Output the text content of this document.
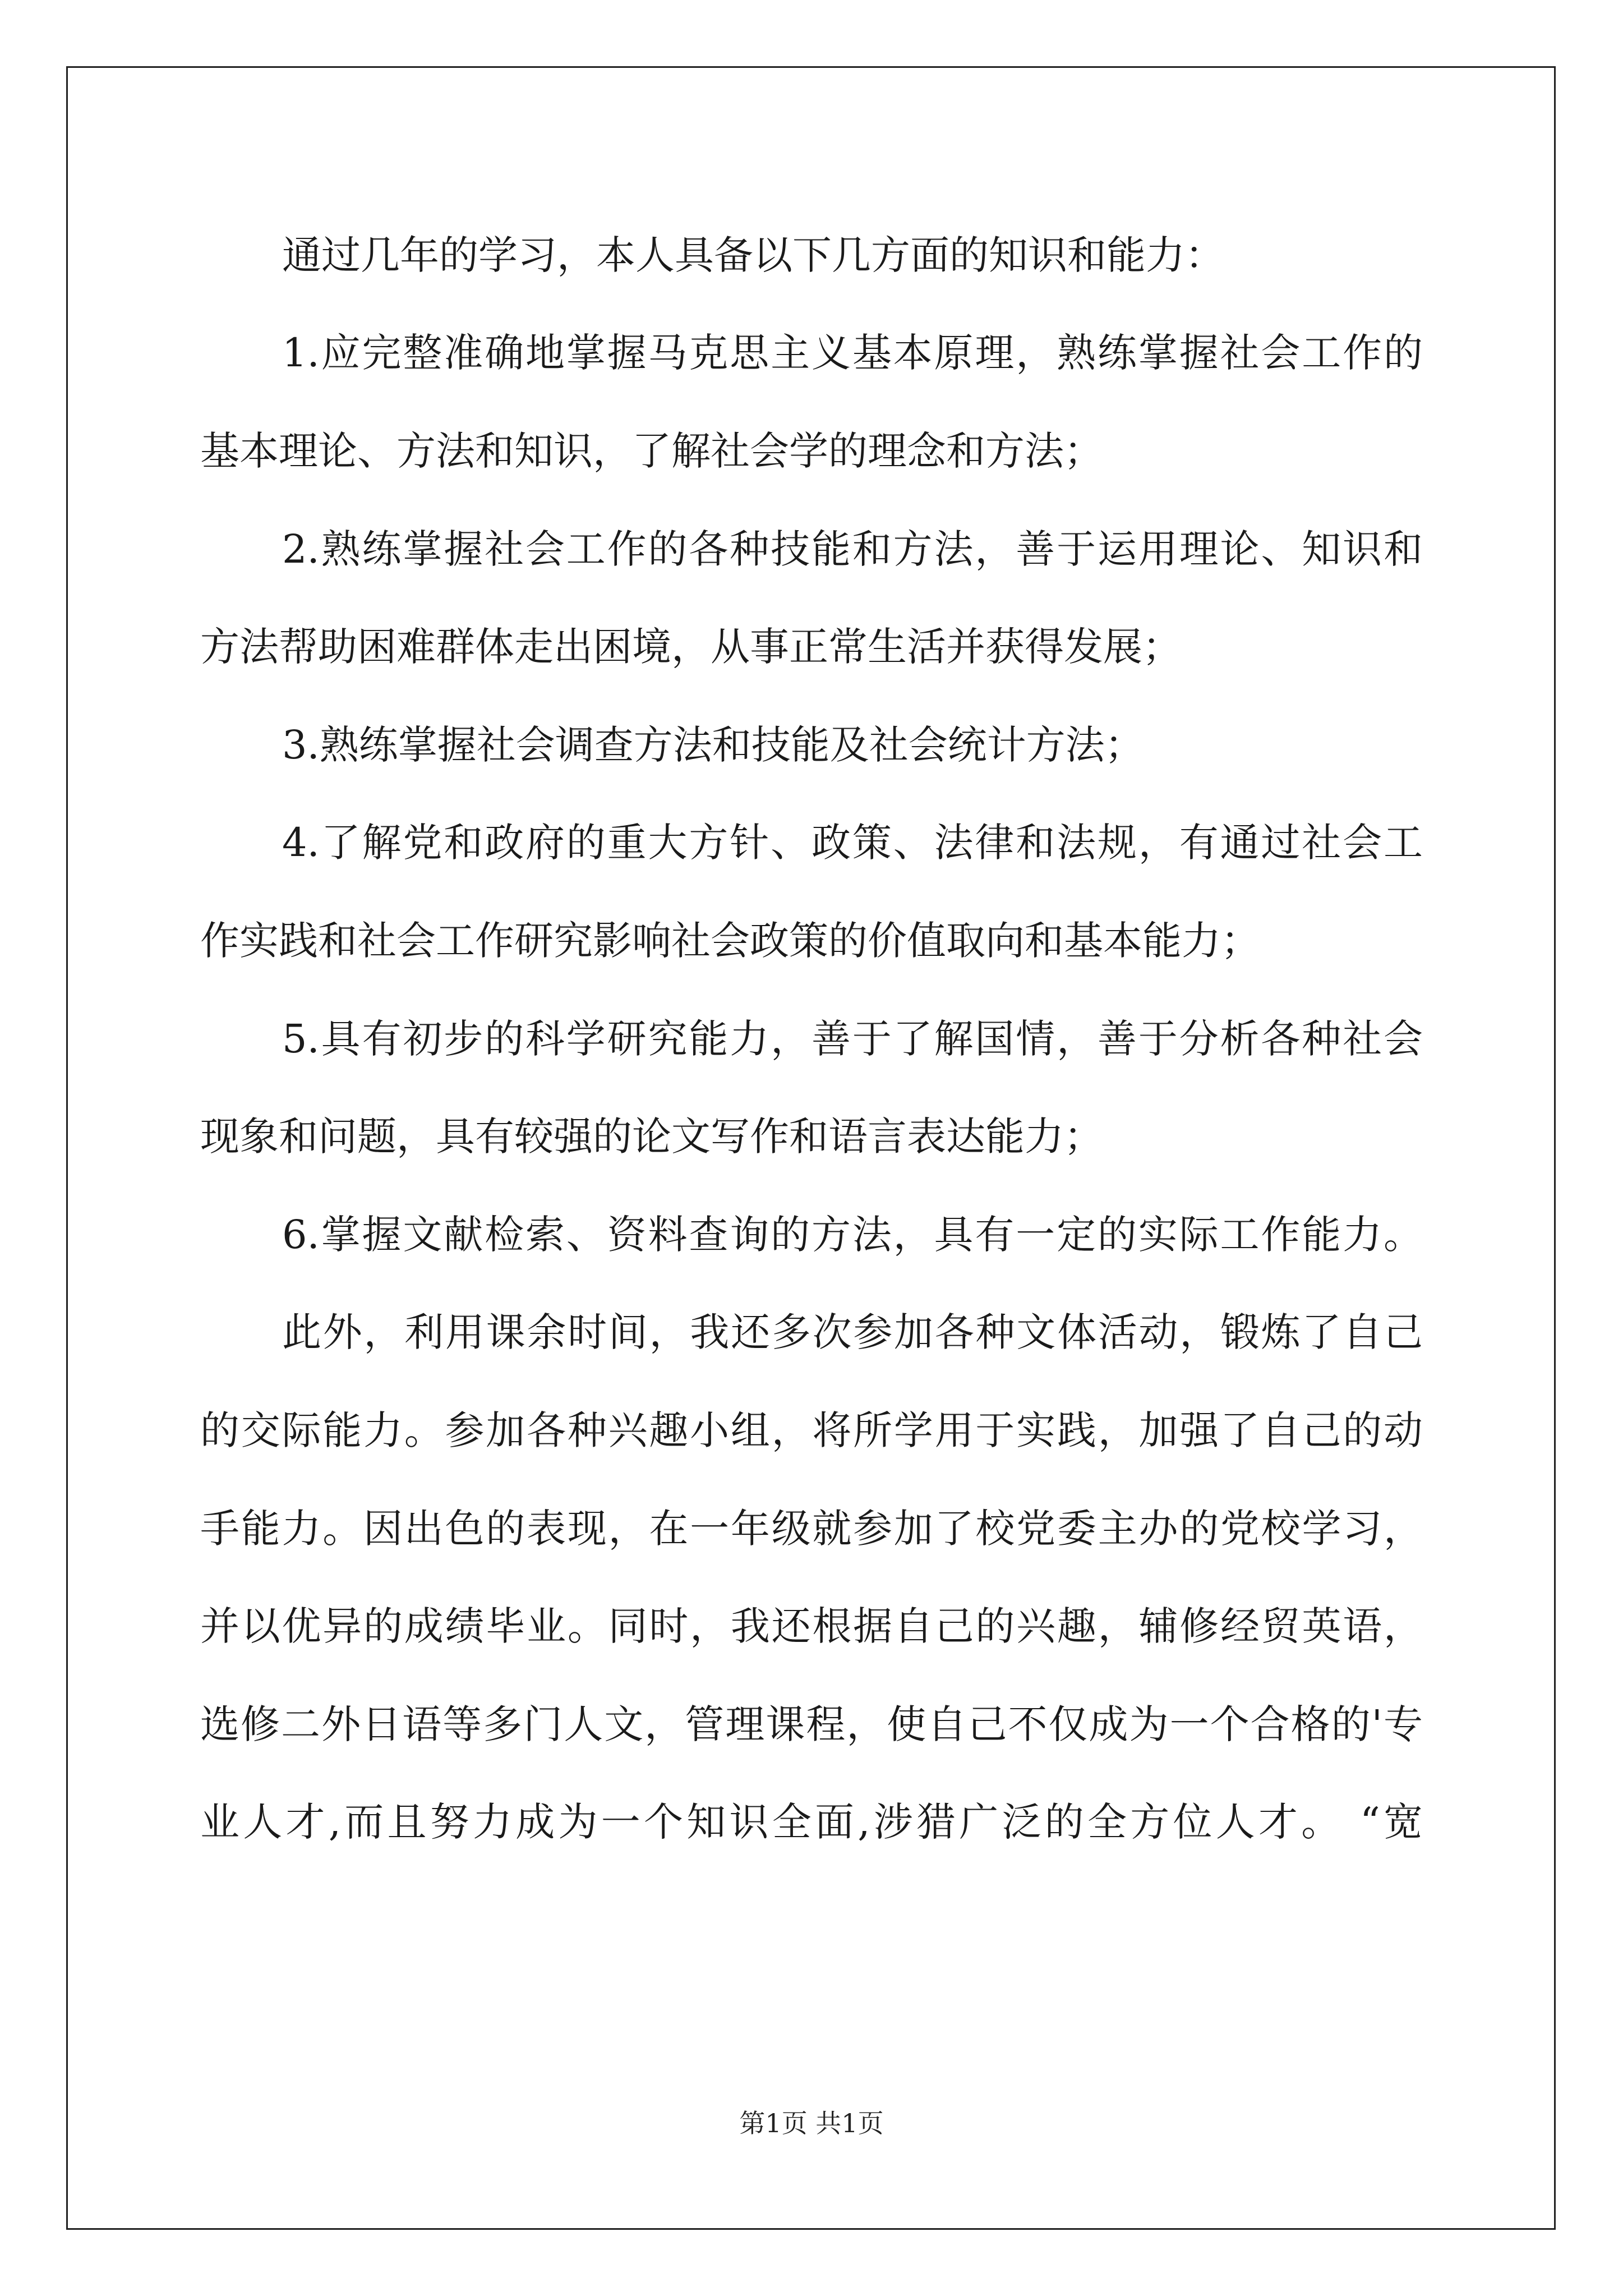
通过几年的学习，本人具备以下几方面的知识和能力：
1.应完整准确地掌握马克思主义基本原理，熟练掌握社会工作的
基本理论、方法和知识，了解社会学的理念和方法；
2.熟练掌握社会工作的各种技能和方法，善于运用理论、知识和
方法帮助困难群体走出困境，从事正常生活并获得发展；
3.熟练掌握社会调查方法和技能及社会统计方法；
4.了解党和政府的重大方针、政策、法律和法规，有通过社会工
作实践和社会工作研究影响社会政策的价值取向和基本能力；
5.具有初步的科学研究能力，善于了解国情，善于分析各种社会
现象和问题，具有较强的论文写作和语言表达能力；
6.掌握文献检索、资料查询的方法，具有一定的实际工作能力。
此外，利用课余时间，我还多次参加各种文体活动，锻炼了自己
的交际能力。参加各种兴趣小组，将所学用于实践，加强了自己的动
手能力。因出色的表现，在一年级就参加了校党委主办的党校学习，
并以优异的成绩毕业。同时，我还根据自己的兴趣，辅修经贸英语，
选修二外日语等多门人文，管理课程，使自己不仅成为一个合格的'专
业人才,而且努力成为一个知识全面,涉猎广泛的全方位人才。 “宽
第1页 共1页
